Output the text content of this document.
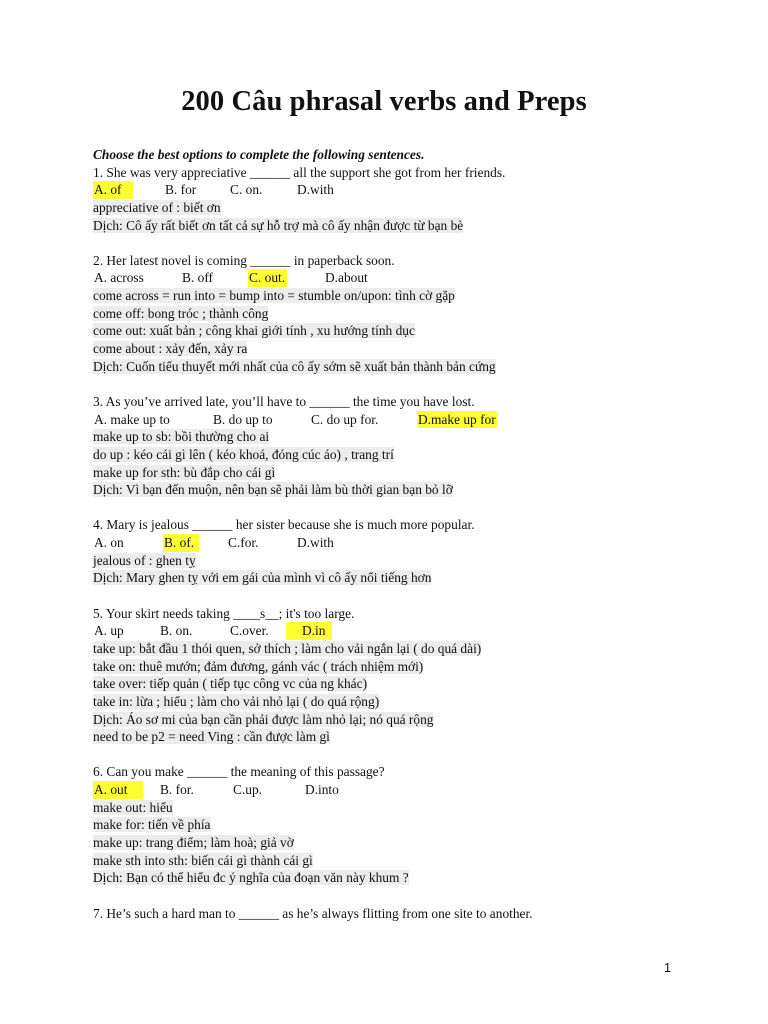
200 Câu phrasal verbs and Preps
Choose the best options to complete the following sentences.
1. She was very appreciative ______ all the support she got from her friends.
A. of	B. for	C. on.	D.with
appreciative of : biết ơn
Dịch: Cô ấy rất biết ơn tất cả sự hỗ trợ mà cô ấy nhận được từ bạn bè
2. Her latest novel is coming ______ in paperback soon.
A. across	B. off	C. out.	D.about
come across = run into = bump into = stumble on/upon: tình cờ gặp
come off: bong tróc ; thành công
come out: xuất bản ; công khai giới tính , xu hướng tính dục
come about : xảy đến, xảy ra
Dịch: Cuốn tiểu thuyết mới nhất của cô ấy sớm sẽ xuất bản thành bản cứng
3. As you’ve arrived late, you’ll have to ______ the time you have lost.
A. make up to	B. do up to	C. do up for.	D.make up for
make up to sb: bồi thường cho ai
do up : kéo cái gì lên ( kéo khoá, đóng cúc áo) , trang trí
make up for sth: bù đắp cho cái gì
Dịch: Vì bạn đến muộn, nên bạn sẽ phải làm bù thời gian bạn bỏ lỡ
4. Mary is jealous ______ her sister because she is much more popular.
A. on	B. of.	C.for.	D.with
jealous of : ghen tỵ
Dịch: Mary ghen tỵ với em gái của mình vì cô ấy nổi tiếng hơn
5. Your skirt needs taking ____s__; it's too large.
A. up	B. on.	C.over.	D.in
take up: bắt đầu 1 thói quen, sở thích ; làm cho vải ngắn lại ( do quá dài)
take on: thuê mướn; đảm đương, gánh vác ( trách nhiệm mới)
take over: tiếp quản ( tiếp tục công vc của ng khác)
take in: lừa ; hiểu ; làm cho vải nhỏ lại ( do quá rộng)
Dịch: Áo sơ mi của bạn cần phải được làm nhỏ lại; nó quá rộng
need to be p2 = need Ving : cần được làm gì
6. Can you make ______ the meaning of this passage?
A. out	B. for.	C.up.	D.into
make out: hiểu
make for: tiến về phía
make up: trang điểm; làm hoà; giả vờ
make sth into sth: biến cái gì thành cái gì
Dịch: Bạn có thể hiểu đc ý nghĩa của đoạn văn này khum ?
7. He’s such a hard man to ______ as he’s always flitting from one site to another.
1
